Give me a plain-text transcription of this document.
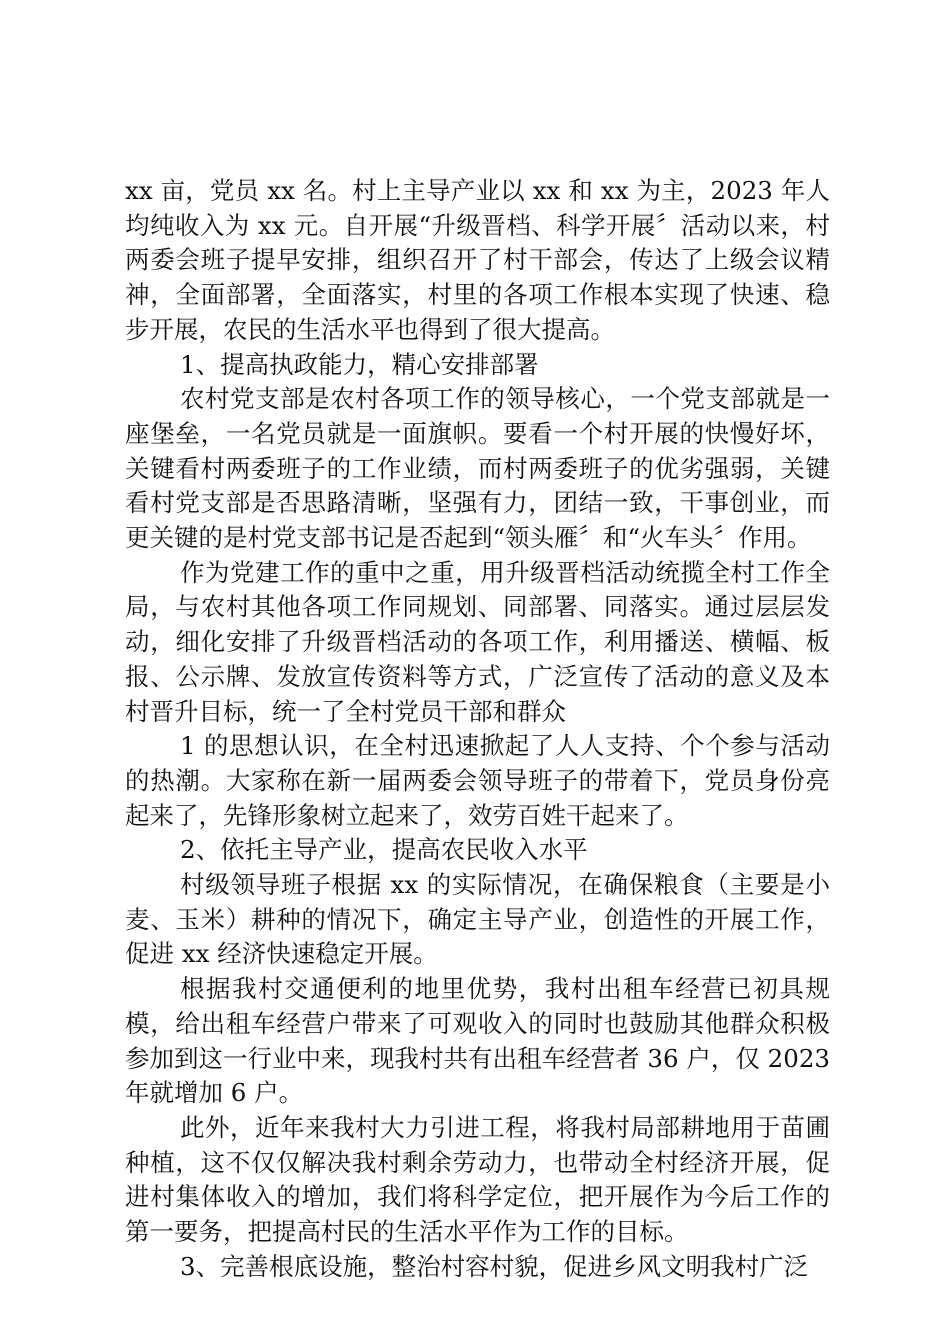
xx 亩，党员 xx 名。村上主导产业以 xx 和 xx 为主，2023 年人均纯收入为 xx 元。自开展“升级晋档、科学开展〞活动以来，村两委会班子提早安排，组织召开了村干部会，传达了上级会议精神，全面部署，全面落实，村里的各项工作根本实现了快速、稳步开展，农民的生活水平也得到了很大提高。

1、提高执政能力，精心安排部署

农村党支部是农村各项工作的领导核心，一个党支部就是一座堡垒，一名党员就是一面旗帜。要看一个村开展的快慢好坏，关键看村两委班子的工作业绩，而村两委班子的优劣强弱，关键看村党支部是否思路清晰，坚强有力，团结一致，干事创业，而更关键的是村党支部书记是否起到“领头雁〞和“火车头〞作用。

作为党建工作的重中之重，用升级晋档活动统揽全村工作全局，与农村其他各项工作同规划、同部署、同落实。通过层层发动，细化安排了升级晋档活动的各项工作，利用播送、横幅、板报、公示牌、发放宣传资料等方式，广泛宣传了活动的意义及本村晋升目标，统一了全村党员干部和群众

1 的思想认识，在全村迅速掀起了人人支持、个个参与活动的热潮。大家称在新一届两委会领导班子的带着下，党员身份亮起来了，先锋形象树立起来了，效劳百姓干起来了。

2、依托主导产业，提高农民收入水平

村级领导班子根据 xx 的实际情况，在确保粮食（主要是小麦、玉米）耕种的情况下，确定主导产业，创造性的开展工作，促进 xx 经济快速稳定开展。

根据我村交通便利的地里优势，我村出租车经营已初具规模，给出租车经营户带来了可观收入的同时也鼓励其他群众积极参加到这一行业中来，现我村共有出租车经营者 36 户，仅 2023 年就增加 6 户。

此外，近年来我村大力引进工程，将我村局部耕地用于苗圃种植，这不仅仅解决我村剩余劳动力，也带动全村经济开展，促进村集体收入的增加，我们将科学定位，把开展作为今后工作的第一要务，把提高村民的生活水平作为工作的目标。

3、完善根底设施，整治村容村貌，促进乡风文明我村广泛
